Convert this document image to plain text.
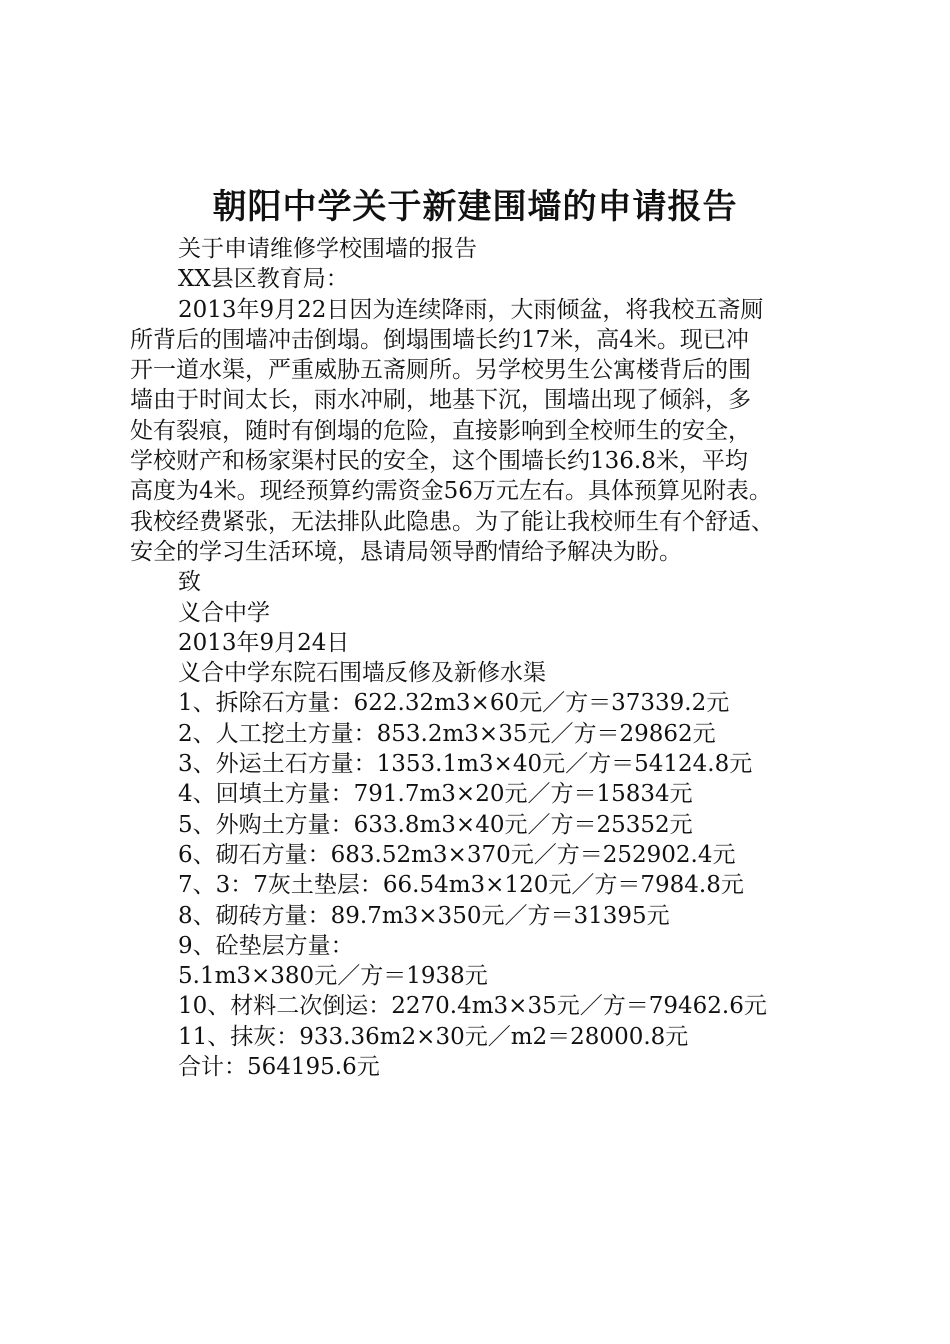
朝阳中学关于新建围墙的申请报告
关于申请维修学校围墙的报告
XX县区教育局：
2013年9月22日因为连续降雨，大雨倾盆，将我校五斋厕
所背后的围墙冲击倒塌。倒塌围墙长约17米，高4米。现已冲
开一道水渠，严重威胁五斋厕所。另学校男生公寓楼背后的围
墙由于时间太长，雨水冲刷，地基下沉，围墙出现了倾斜，多
处有裂痕，随时有倒塌的危险，直接影响到全校师生的安全，
学校财产和杨家渠村民的安全，这个围墙长约136.8米，平均
高度为4米。现经预算约需资金56万元左右。具体预算见附表。
我校经费紧张，无法排队此隐患。为了能让我校师生有个舒适、
安全的学习生活环境，恳请局领导酌情给予解决为盼。
致
义合中学
2013年9月24日
义合中学东院石围墙反修及新修水渠
1、拆除石方量：622.32m3×60元／方＝37339.2元
2、人工挖土方量：853.2m3×35元／方＝29862元
3、外运土石方量：1353.1m3×40元／方＝54124.8元
4、回填土方量：791.7m3×20元／方＝15834元
5、外购土方量：633.8m3×40元／方＝25352元
6、砌石方量：683.52m3×370元／方＝252902.4元
7、3：7灰土垫层：66.54m3×120元／方＝7984.8元
8、砌砖方量：89.7m3×350元／方＝31395元
9、砼垫层方量：
5.1m3×380元／方＝1938元
10、材料二次倒运：2270.4m3×35元／方＝79462.6元
11、抹灰：933.36m2×30元／m2＝28000.8元
合计：564195.6元
